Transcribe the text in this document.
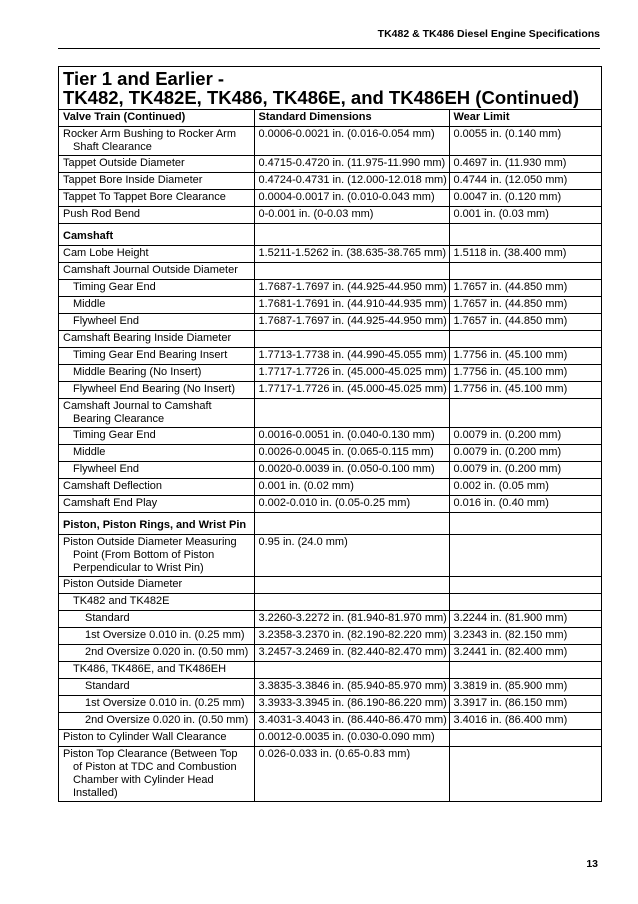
TK482 & TK486 Diesel Engine Specifications
Tier 1 and Earlier -
TK482, TK482E, TK486, TK486E, and TK486EH (Continued)
Valve Train (Continued)	Standard Dimensions	Wear Limit
Rocker Arm Bushing to Rocker Arm Shaft Clearance	0.0006-0.0021 in. (0.016-0.054 mm)	0.0055 in. (0.140 mm)
Tappet Outside Diameter	0.4715-0.4720 in. (11.975-11.990 mm)	0.4697 in. (11.930 mm)
Tappet Bore Inside Diameter	0.4724-0.4731 in. (12.000-12.018 mm)	0.4744 in. (12.050 mm)
Tappet To Tappet Bore Clearance	0.0004-0.0017 in. (0.010-0.043 mm)	0.0047 in. (0.120 mm)
Push Rod Bend	0-0.001 in. (0-0.03 mm)	0.001 in. (0.03 mm)
Camshaft		
Cam Lobe Height	1.5211-1.5262 in. (38.635-38.765 mm)	1.5118 in. (38.400 mm)
Camshaft Journal Outside Diameter		
Timing Gear End	1.7687-1.7697 in. (44.925-44.950 mm)	1.7657 in. (44.850 mm)
Middle	1.7681-1.7691 in. (44.910-44.935 mm)	1.7657 in. (44.850 mm)
Flywheel End	1.7687-1.7697 in. (44.925-44.950 mm)	1.7657 in. (44.850 mm)
Camshaft Bearing Inside Diameter		
Timing Gear End Bearing Insert	1.7713-1.7738 in. (44.990-45.055 mm)	1.7756 in. (45.100 mm)
Middle Bearing (No Insert)	1.7717-1.7726 in. (45.000-45.025 mm)	1.7756 in. (45.100 mm)
Flywheel End Bearing (No Insert)	1.7717-1.7726 in. (45.000-45.025 mm)	1.7756 in. (45.100 mm)
Camshaft Journal to Camshaft Bearing Clearance		
Timing Gear End	0.0016-0.0051 in. (0.040-0.130 mm)	0.0079 in. (0.200 mm)
Middle	0.0026-0.0045 in. (0.065-0.115 mm)	0.0079 in. (0.200 mm)
Flywheel End	0.0020-0.0039 in. (0.050-0.100 mm)	0.0079 in. (0.200 mm)
Camshaft Deflection	0.001 in. (0.02 mm)	0.002 in. (0.05 mm)
Camshaft End Play	0.002-0.010 in. (0.05-0.25 mm)	0.016 in. (0.40 mm)
Piston, Piston Rings, and Wrist Pin		
Piston Outside Diameter Measuring Point (From Bottom of Piston Perpendicular to Wrist Pin)	0.95 in. (24.0 mm)	
Piston Outside Diameter		
TK482 and TK482E		
Standard	3.2260-3.2272 in. (81.940-81.970 mm)	3.2244 in. (81.900 mm)
1st Oversize 0.010 in. (0.25 mm)	3.2358-3.2370 in. (82.190-82.220 mm)	3.2343 in. (82.150 mm)
2nd Oversize 0.020 in. (0.50 mm)	3.2457-3.2469 in. (82.440-82.470 mm)	3.2441 in. (82.400 mm)
TK486, TK486E, and TK486EH		
Standard	3.3835-3.3846 in. (85.940-85.970 mm)	3.3819 in. (85.900 mm)
1st Oversize 0.010 in. (0.25 mm)	3.3933-3.3945 in. (86.190-86.220 mm)	3.3917 in. (86.150 mm)
2nd Oversize 0.020 in. (0.50 mm)	3.4031-3.4043 in. (86.440-86.470 mm)	3.4016 in. (86.400 mm)
Piston to Cylinder Wall Clearance	0.0012-0.0035 in. (0.030-0.090 mm)	
Piston Top Clearance (Between Top of Piston at TDC and Combustion Chamber with Cylinder Head Installed)	0.026-0.033 in. (0.65-0.83 mm)	
13
